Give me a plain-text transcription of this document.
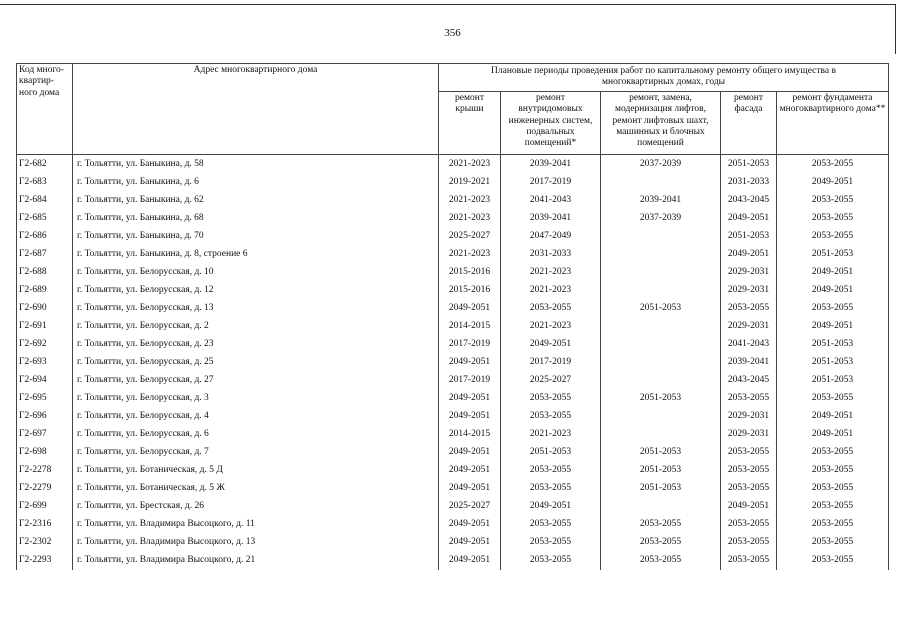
356
Код много-
квартир-
ного дома	Адрес многоквартирного дома	Плановые периоды проведения работ по капитальному ремонту общего имущества в многоквартирных домах, годы				
		ремонт крыши	ремонт внутридомовых инженерных систем, подвальных помещений*	ремонт, замена, модернизация лифтов, ремонт лифтовых шахт, машинных и блочных помещений	ремонт фасада	ремонт фундамента многоквартирного дома**
Г2-682	г. Тольятти, ул. Баныкина, д. 58	2021-2023	2039-2041	2037-2039	2051-2053	2053-2055
Г2-683	г. Тольятти, ул. Баныкина, д. 6	2019-2021	2017-2019		2031-2033	2049-2051
Г2-684	г. Тольятти, ул. Баныкина, д. 62	2021-2023	2041-2043	2039-2041	2043-2045	2053-2055
Г2-685	г. Тольятти, ул. Баныкина, д. 68	2021-2023	2039-2041	2037-2039	2049-2051	2053-2055
Г2-686	г. Тольятти, ул. Баныкина, д. 70	2025-2027	2047-2049		2051-2053	2053-2055
Г2-687	г. Тольятти, ул. Баныкина, д. 8, строение 6	2021-2023	2031-2033		2049-2051	2051-2053
Г2-688	г. Тольятти, ул. Белорусская, д. 10	2015-2016	2021-2023		2029-2031	2049-2051
Г2-689	г. Тольятти, ул. Белорусская, д. 12	2015-2016	2021-2023		2029-2031	2049-2051
Г2-690	г. Тольятти, ул. Белорусская, д. 13	2049-2051	2053-2055	2051-2053	2053-2055	2053-2055
Г2-691	г. Тольятти, ул. Белорусская, д. 2	2014-2015	2021-2023		2029-2031	2049-2051
Г2-692	г. Тольятти, ул. Белорусская, д. 23	2017-2019	2049-2051		2041-2043	2051-2053
Г2-693	г. Тольятти, ул. Белорусская, д. 25	2049-2051	2017-2019		2039-2041	2051-2053
Г2-694	г. Тольятти, ул. Белорусская, д. 27	2017-2019	2025-2027		2043-2045	2051-2053
Г2-695	г. Тольятти, ул. Белорусская, д. 3	2049-2051	2053-2055	2051-2053	2053-2055	2053-2055
Г2-696	г. Тольятти, ул. Белорусская, д. 4	2049-2051	2053-2055		2029-2031	2049-2051
Г2-697	г. Тольятти, ул. Белорусская, д. 6	2014-2015	2021-2023		2029-2031	2049-2051
Г2-698	г. Тольятти, ул. Белорусская, д. 7	2049-2051	2051-2053	2051-2053	2053-2055	2053-2055
Г2-2278	г. Тольятти, ул. Ботаническая, д. 5 Д	2049-2051	2053-2055	2051-2053	2053-2055	2053-2055
Г2-2279	г. Тольятти, ул. Ботаническая, д. 5 Ж	2049-2051	2053-2055	2051-2053	2053-2055	2053-2055
Г2-699	г. Тольятти, ул. Брестская, д. 26	2025-2027	2049-2051		2049-2051	2053-2055
Г2-2316	г. Тольятти, ул. Владимира Высоцкого, д. 11	2049-2051	2053-2055	2053-2055	2053-2055	2053-2055
Г2-2302	г. Тольятти, ул. Владимира Высоцкого, д. 13	2049-2051	2053-2055	2053-2055	2053-2055	2053-2055
Г2-2293	г. Тольятти, ул. Владимира Высоцкого, д. 21	2049-2051	2053-2055	2053-2055	2053-2055	2053-2055
